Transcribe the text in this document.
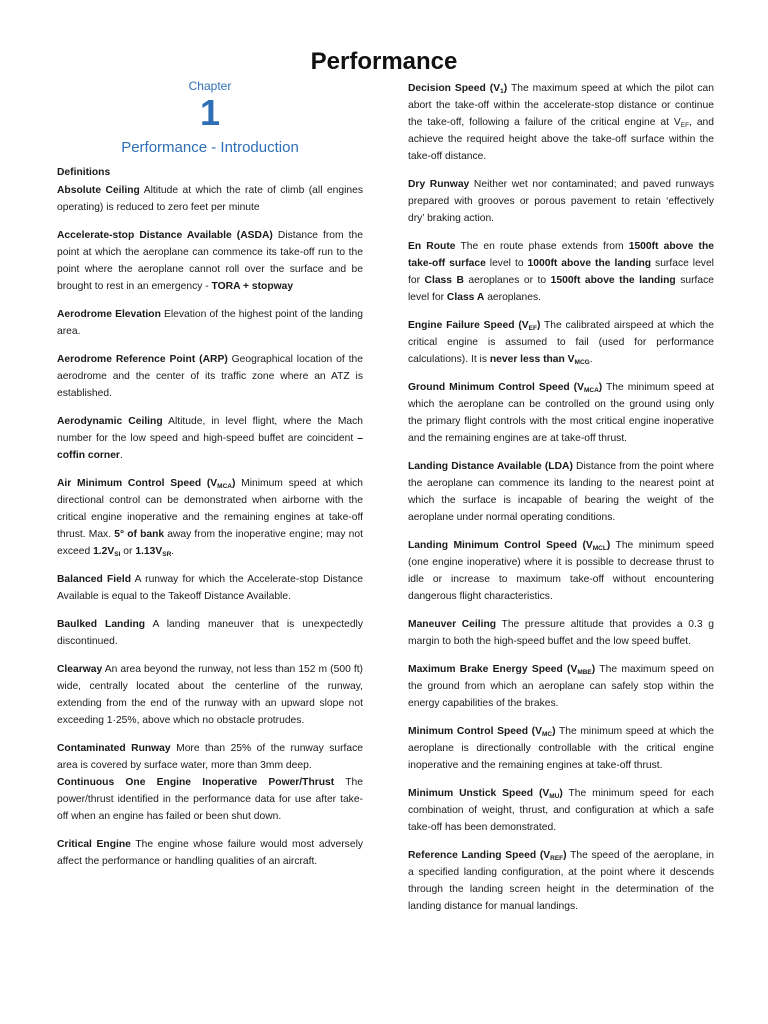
Performance
Chapter
1
Performance - Introduction
Definitions

Absolute Ceiling Altitude at which the rate of climb (all engines operating) is reduced to zero feet per minute

Accelerate-stop Distance Available (ASDA) Distance from the point at which the aeroplane can commence its take-off run to the point where the aeroplane cannot roll over the surface and be brought to rest in an emergency - TORA + stopway

Aerodrome Elevation Elevation of the highest point of the landing area.

Aerodrome Reference Point (ARP) Geographical location of the aerodrome and the center of its traffic zone where an ATZ is established.

Aerodynamic Ceiling Altitude, in level flight, where the Mach number for the low speed and high-speed buffet are coincident – coffin corner.

Air Minimum Control Speed $(V_{MCA})$ Minimum speed at which directional control can be demonstrated when airborne with the critical engine inoperative and the remaining engines at take-off thrust. Max. 5° of bank away from the inoperative engine; may not exceed $1.2V_{SI}$ or $1.13V_{SR}$.

Balanced Field A runway for which the Accelerate-stop Distance Available is equal to the Takeoff Distance Available.

Baulked Landing A landing maneuver that is unexpectedly discontinued.

Clearway An area beyond the runway, not less than 152 m (500 ft) wide, centrally located about the centerline of the runway, extending from the end of the runway with an upward slope not exceeding 1·25%, above which no obstacle protrudes.

Contaminated Runway More than 25% of the runway surface area is covered by surface water, more than 3mm deep.

Continuous One Engine Inoperative Power/Thrust The power/thrust identified in the performance data for use after take-off when an engine has failed or been shut down.

Critical Engine The engine whose failure would most adversely affect the performance or handling qualities of an aircraft.

Decision Speed $(V_1)$ The maximum speed at which the pilot can abort the take-off within the accelerate-stop distance or continue the take-off, following a failure of the critical engine at $V_{EF}$, and achieve the required height above the take-off surface within the take-off distance.

Dry Runway Neither wet nor contaminated; and paved runways prepared with grooves or porous pavement to retain ‘effectively dry’ braking action.

En Route The en route phase extends from 1500ft above the take-off surface level to 1000ft above the landing surface level for Class B aeroplanes or to 1500ft above the landing surface level for Class A aeroplanes.

Engine Failure Speed $(V_{EF})$ The calibrated airspeed at which the critical engine is assumed to fail (used for performance calculations). It is never less than $V_{MCG}$.

Ground Minimum Control Speed $(V_{MCA})$ The minimum speed at which the aeroplane can be controlled on the ground using only the primary flight controls with the most critical engine inoperative and the remaining engines are at take-off thrust.

Landing Distance Available (LDA) Distance from the point where the aeroplane can commence its landing to the nearest point at which the surface is incapable of bearing the weight of the aeroplane under normal operating conditions.

Landing Minimum Control Speed $(V_{MCL})$ The minimum speed (one engine inoperative) where it is possible to decrease thrust to idle or increase to maximum take-off without encountering dangerous flight characteristics.

Maneuver Ceiling The pressure altitude that provides a 0.3 g margin to both the high-speed buffet and the low speed buffet.

Maximum Brake Energy Speed $(V_{MBE})$ The maximum speed on the ground from which an aeroplane can safely stop within the energy capabilities of the brakes.

Minimum Control Speed $(V_{MC})$ The minimum speed at which the aeroplane is directionally controllable with the critical engine inoperative and the remaining engines at take-off thrust.

Minimum Unstick Speed $(V_{MU})$ The minimum speed for each combination of weight, thrust, and configuration at which a safe take-off has been demonstrated.

Reference Landing Speed $(V_{REF})$ The speed of the aeroplane, in a specified landing configuration, at the point where it descends through the landing screen height in the determination of the landing distance for manual landings.
